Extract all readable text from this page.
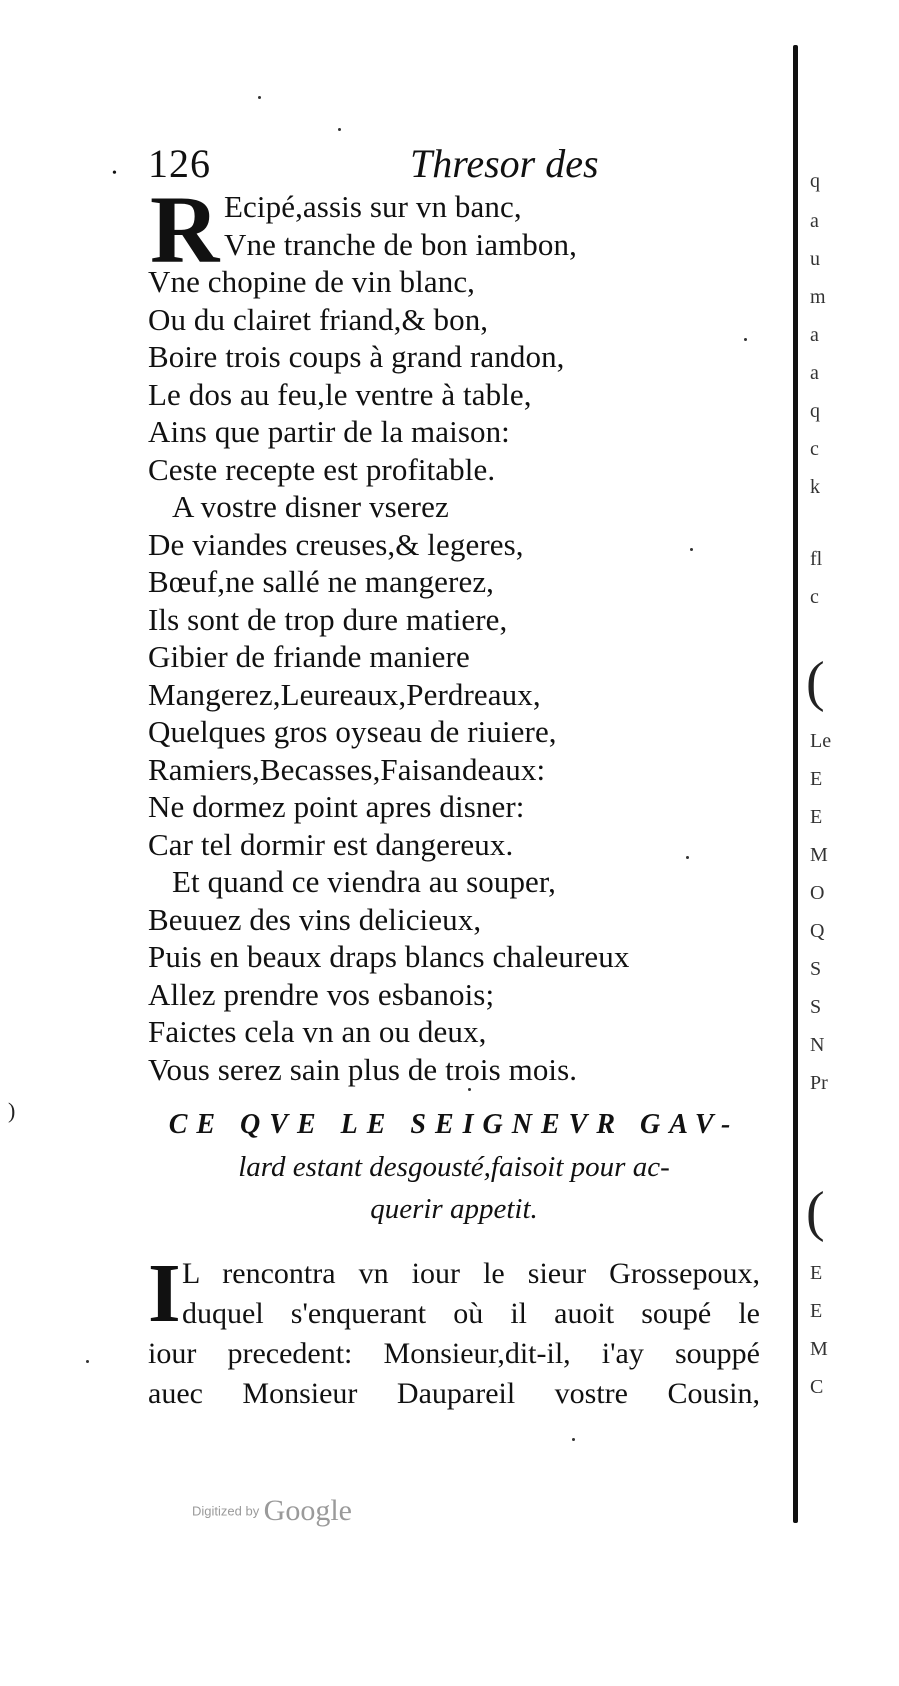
• 126	Thresor des
R Ecipé,assis sur vn banc,
Vne tranche de bon iambon,
Vne chopine de vin blanc,
Ou du clairet friand,& bon,
Boire trois coups à grand randon,
Le dos au feu,le ventre à table,
Ains que partir de la maison:
Ceste recepte est profitable.
A vostre disner vserez
De viandes creuses,& legeres,
Bœuf,ne sallé ne mangerez,
Ils sont de trop dure matiere,
Gibier de friande maniere
Mangerez,Leureaux,Perdreaux,
Quelques gros oyseau de riuiere,
Ramiers,Becasses,Faisandeaux:
Ne dormez point apres disner:
Car tel dormir est dangereux.
Et quand ce viendra au souper,
Beuuez des vins delicieux,
Puis en beaux draps blancs chaleureux
Allez prendre vos esbanois;
Faictes cela vn an ou deux,
Vous serez sain plus de trois mois.
CE QVE LE SEIGNEVR GAV-
lard estant desgousté,faisoit pour ac-
querir appetit.
I L rencontra vn iour le sieur Grossepoux,
duquel s'enquerant où il auoit soupé le
iour precedent: Monsieur,dit-il, i'ay souppé
auec Monsieur Daupareil vostre Cousin,
q
a
u
m
a
a
q
c
k
fl
c
(
Le
E
E
M
O
Q
S
S
N
Pr
(
E
E
M
C
)
Digitized by Google
